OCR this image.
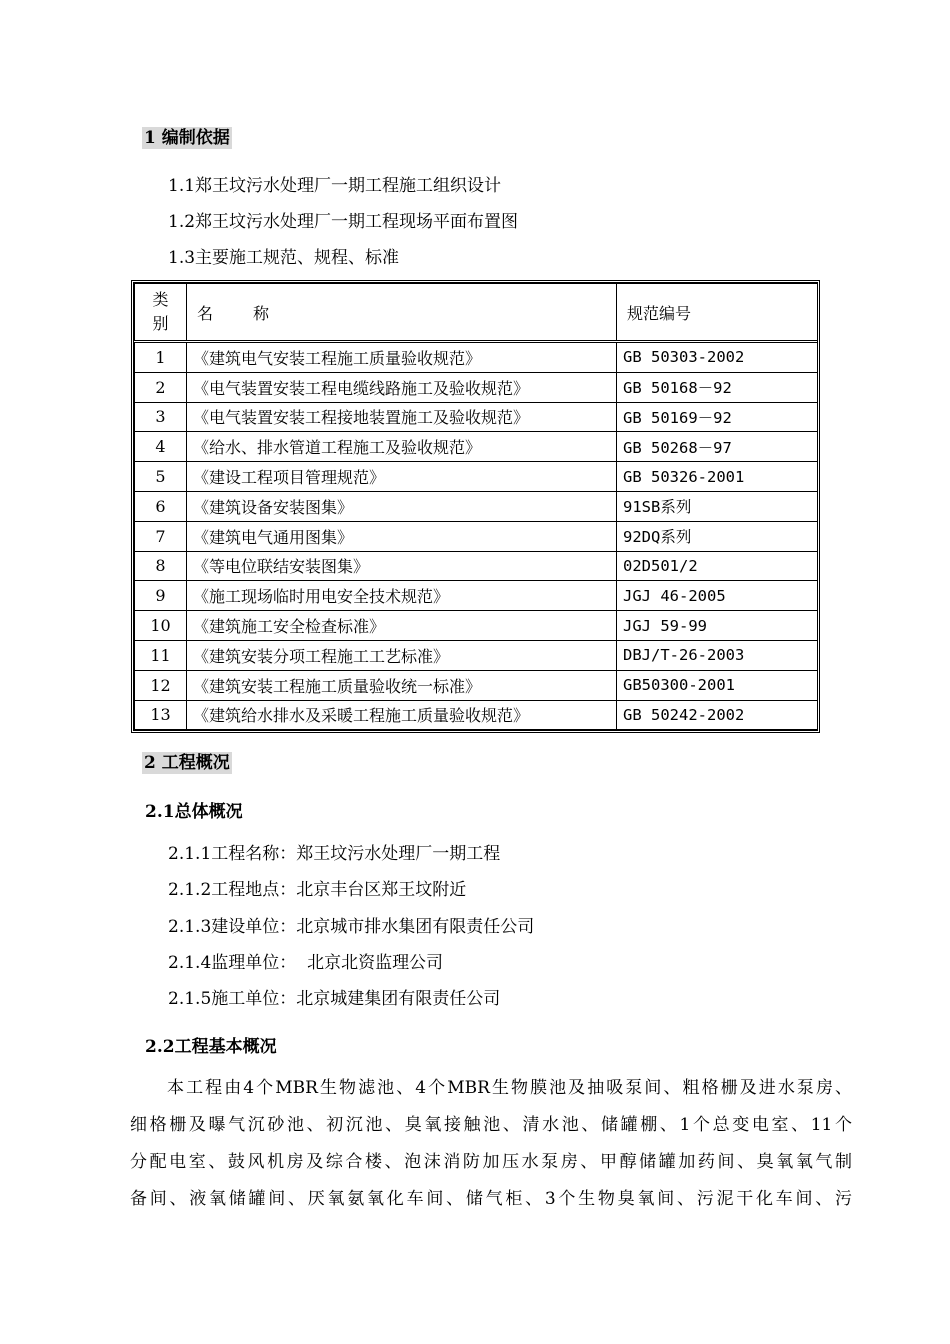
1 编制依据
1.1郑王坟污水处理厂一期工程施工组织设计
1.2郑王坟污水处理厂一期工程现场平面布置图
1.3主要施工规范、规程、标准
类
别	名 称	规范编号
1	《建筑电气安装工程施工质量验收规范》	GB 50303-2002
2	《电气装置安装工程电缆线路施工及验收规范》	GB 50168－92
3	《电气装置安装工程接地装置施工及验收规范》	GB 50169－92
4	《给水、排水管道工程施工及验收规范》	GB 50268－97
5	《建设工程项目管理规范》	GB 50326-2001
6	《建筑设备安装图集》	91SB系列
7	《建筑电气通用图集》	92DQ系列
8	《等电位联结安装图集》	02D501/2
9	《施工现场临时用电安全技术规范》	JGJ 46-2005
10	《建筑施工安全检查标准》	JGJ 59-99
11	《建筑安装分项工程施工工艺标准》	DBJ/T-26-2003
12	《建筑安装工程施工质量验收统一标准》	GB50300-2001
13	《建筑给水排水及采暖工程施工质量验收规范》	GB 50242-2002
2 工程概况
2.1总体概况
2.1.1工程名称：郑王坟污水处理厂一期工程
2.1.2工程地点：北京丰台区郑王坟附近
2.1.3建设单位：北京城市排水集团有限责任公司
2.1.4监理单位：  北京北资监理公司
2.1.5施工单位：北京城建集团有限责任公司
2.2工程基本概况
本工程由4个MBR生物滤池、4个MBR生物膜池及抽吸泵间、粗格栅及进水泵房、
细格栅及曝气沉砂池、初沉池、臭氧接触池、清水池、储罐棚、1个总变电室、11个
分配电室、鼓风机房及综合楼、泡沫消防加压水泵房、甲醇储罐加药间、臭氧氧气制
备间、液氧储罐间、厌氧氨氧化车间、储气柜、3个生物臭氧间、污泥干化车间、污
